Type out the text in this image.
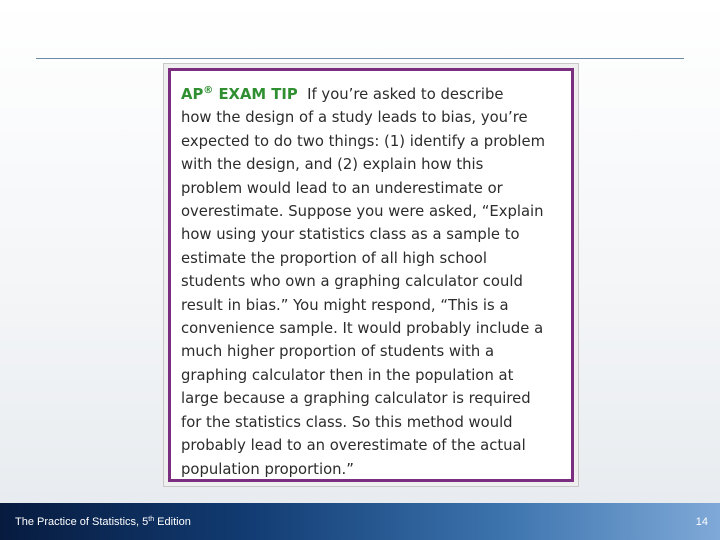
AP® EXAM TIP  If you’re asked to describe
how the design of a study leads to bias, you’re
expected to do two things: (1) identify a problem
with the design, and (2) explain how this
problem would lead to an underestimate or
overestimate. Suppose you were asked, “Explain
how using your statistics class as a sample to
estimate the proportion of all high school
students who own a graphing calculator could
result in bias.” You might respond, “This is a
convenience sample. It would probably include a
much higher proportion of students with a
graphing calculator then in the population at
large because a graphing calculator is required
for the statistics class. So this method would
probably lead to an overestimate of the actual
population proportion.”
The Practice of Statistics, 5th Edition	14
